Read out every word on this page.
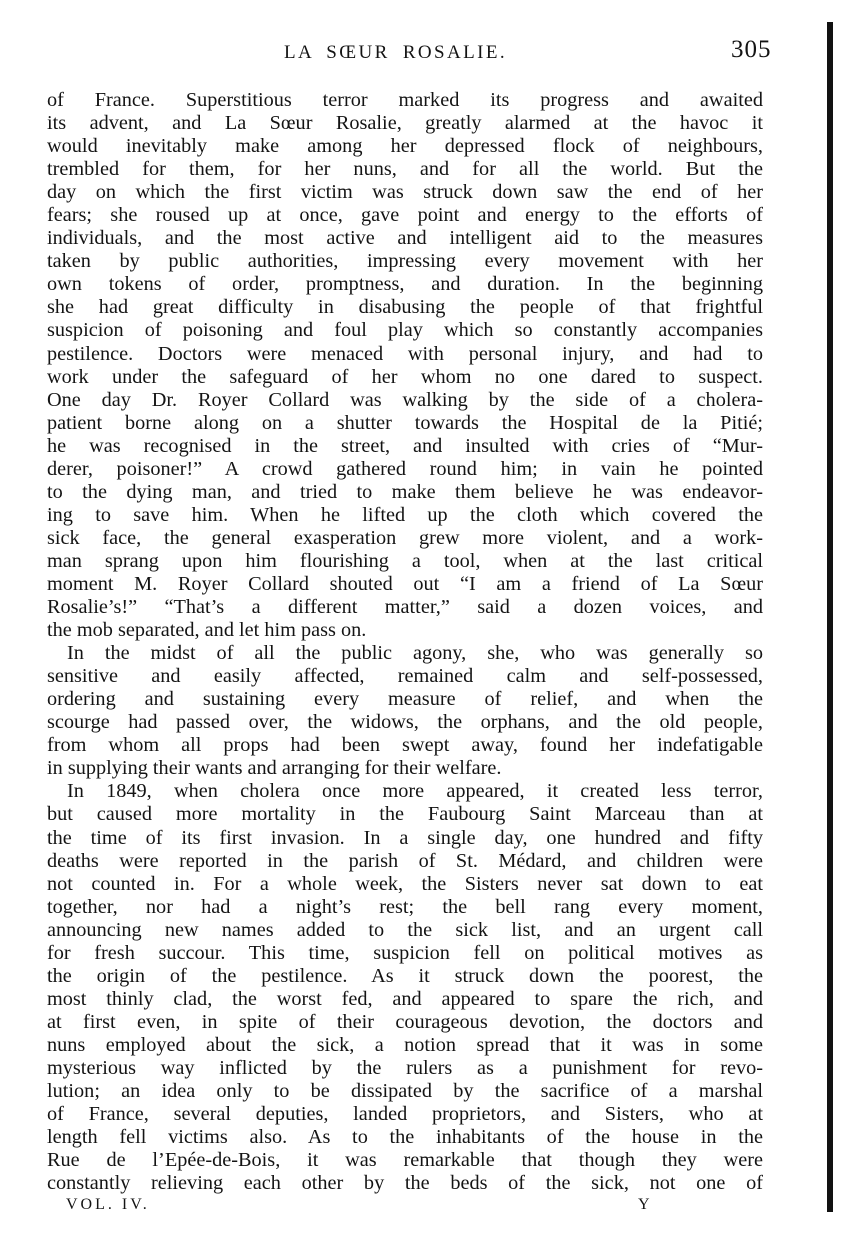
LA SŒUR ROSALIE.	305
of France. Superstitious terror marked its progress and awaited
its advent, and La Sœur Rosalie, greatly alarmed at the havoc it
would inevitably make among her depressed flock of neighbours,
trembled for them, for her nuns, and for all the world. But the
day on which the first victim was struck down saw the end of her
fears; she roused up at once, gave point and energy to the efforts of
individuals, and the most active and intelligent aid to the measures
taken by public authorities, impressing every movement with her
own tokens of order, promptness, and duration. In the beginning
she had great difficulty in disabusing the people of that frightful
suspicion of poisoning and foul play which so constantly accompanies
pestilence. Doctors were menaced with personal injury, and had to
work under the safeguard of her whom no one dared to suspect.
One day Dr. Royer Collard was walking by the side of a cholera-
patient borne along on a shutter towards the Hospital de la Pitié;
he was recognised in the street, and insulted with cries of “Mur-
derer, poisoner!” A crowd gathered round him; in vain he pointed
to the dying man, and tried to make them believe he was endeavor-
ing to save him. When he lifted up the cloth which covered the
sick face, the general exasperation grew more violent, and a work-
man sprang upon him flourishing a tool, when at the last critical
moment M. Royer Collard shouted out “I am a friend of La Sœur
Rosalie’s!” “That’s a different matter,” said a dozen voices, and
the mob separated, and let him pass on.
In the midst of all the public agony, she, who was generally so
sensitive and easily affected, remained calm and self-possessed,
ordering and sustaining every measure of relief, and when the
scourge had passed over, the widows, the orphans, and the old people,
from whom all props had been swept away, found her indefatigable
in supplying their wants and arranging for their welfare.
In 1849, when cholera once more appeared, it created less terror,
but caused more mortality in the Faubourg Saint Marceau than at
the time of its first invasion. In a single day, one hundred and fifty
deaths were reported in the parish of St. Médard, and children were
not counted in. For a whole week, the Sisters never sat down to eat
together, nor had a night’s rest; the bell rang every moment,
announcing new names added to the sick list, and an urgent call
for fresh succour. This time, suspicion fell on political motives as
the origin of the pestilence. As it struck down the poorest, the
most thinly clad, the worst fed, and appeared to spare the rich, and
at first even, in spite of their courageous devotion, the doctors and
nuns employed about the sick, a notion spread that it was in some
mysterious way inflicted by the rulers as a punishment for revo-
lution; an idea only to be dissipated by the sacrifice of a marshal
of France, several deputies, landed proprietors, and Sisters, who at
length fell victims also. As to the inhabitants of the house in the
Rue de l’Epée-de-Bois, it was remarkable that though they were
constantly relieving each other by the beds of the sick, not one of
VOL. IV.	Y
